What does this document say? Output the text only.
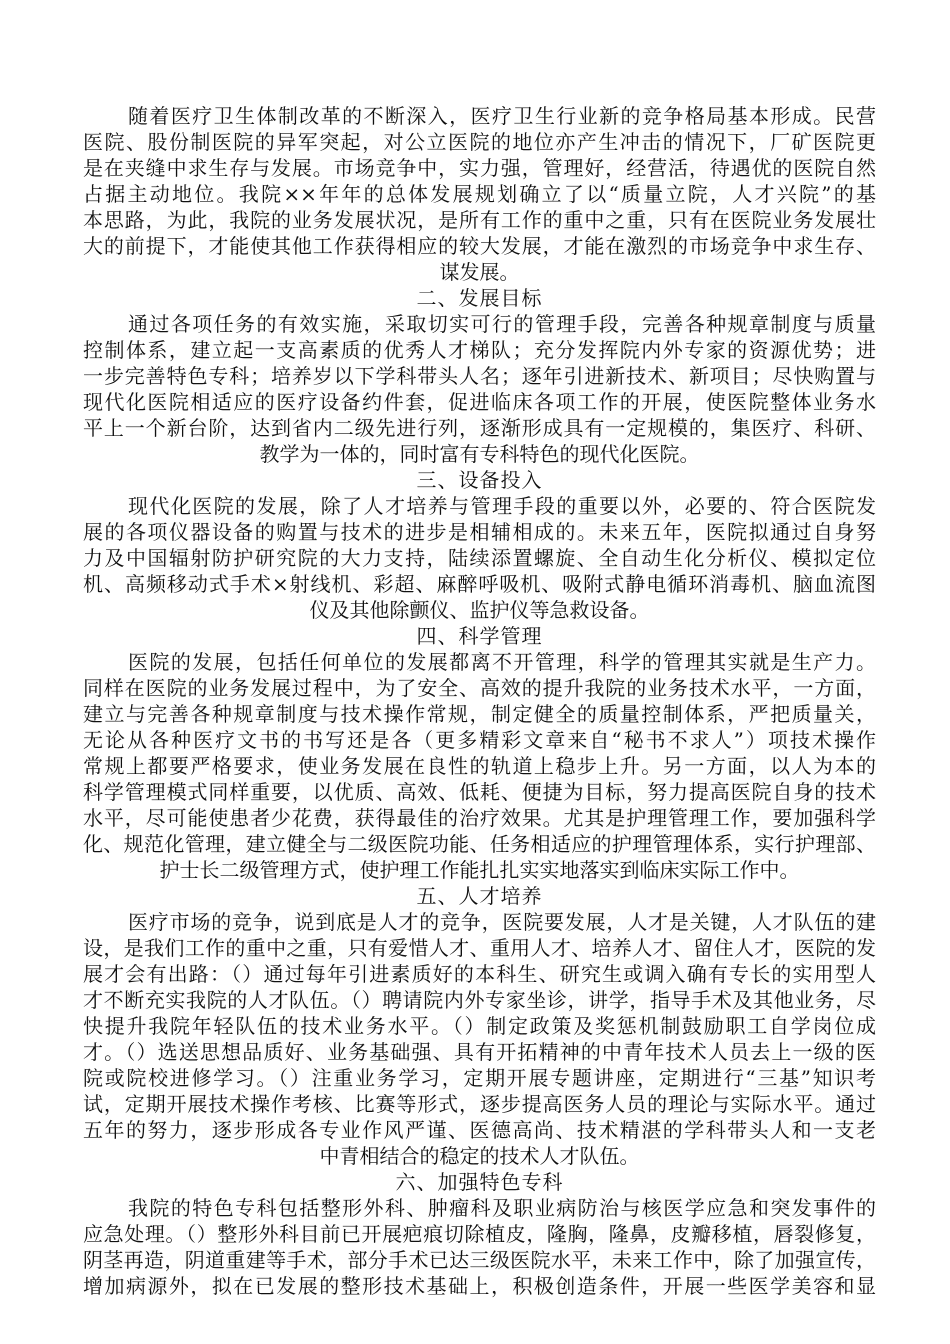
随着医疗卫生体制改革的不断深入，医疗卫生行业新的竞争格局基本形成。民营

医院、股份制医院的异军突起，对公立医院的地位亦产生冲击的情况下，厂矿医院更

是在夹缝中求生存与发展。市场竞争中，实力强，管理好，经营活，待遇优的医院自然

占据主动地位。我院××年年的总体发展规划确立了以“质量立院，人才兴院”的基

本思路，为此，我院的业务发展状况，是所有工作的重中之重，只有在医院业务发展壮

大的前提下，才能使其他工作获得相应的较大发展，才能在激烈的市场竞争中求生存、

谋发展。

二、发展目标

通过各项任务的有效实施，采取切实可行的管理手段，完善各种规章制度与质量

控制体系，建立起一支高素质的优秀人才梯队；充分发挥院内外专家的资源优势；进

一步完善特色专科；培养岁以下学科带头人名；逐年引进新技术、新项目；尽快购置与

现代化医院相适应的医疗设备约件套，促进临床各项工作的开展，使医院整体业务水

平上一个新台阶，达到省内二级先进行列，逐渐形成具有一定规模的，集医疗、科研、

教学为一体的，同时富有专科特色的现代化医院。

三、设备投入

现代化医院的发展，除了人才培养与管理手段的重要以外，必要的、符合医院发

展的各项仪器设备的购置与技术的进步是相辅相成的。未来五年，医院拟通过自身努

力及中国辐射防护研究院的大力支持，陆续添置螺旋、全自动生化分析仪、模拟定位

机、高频移动式手术×射线机、彩超、麻醉呼吸机、吸附式静电循环消毒机、脑血流图

仪及其他除颤仪、监护仪等急救设备。

四、科学管理

医院的发展，包括任何单位的发展都离不开管理，科学的管理其实就是生产力。

同样在医院的业务发展过程中，为了安全、高效的提升我院的业务技术水平，一方面，

建立与完善各种规章制度与技术操作常规，制定健全的质量控制体系，严把质量关，

无论从各种医疗文书的书写还是各（更多精彩文章来自“秘书不求人”）项技术操作

常规上都要严格要求，使业务发展在良性的轨道上稳步上升。另一方面，以人为本的

科学管理模式同样重要，以优质、高效、低耗、便捷为目标，努力提高医院自身的技术

水平，尽可能使患者少花费，获得最佳的治疗效果。尤其是护理管理工作，要加强科学

化、规范化管理，建立健全与二级医院功能、任务相适应的护理管理体系，实行护理部、

护士长二级管理方式，使护理工作能扎扎实实地落实到临床实际工作中。

五、人才培养

医疗市场的竞争，说到底是人才的竞争，医院要发展，人才是关键，人才队伍的建

设，是我们工作的重中之重，只有爱惜人才、重用人才、培养人才、留住人才，医院的发

展才会有出路：（）通过每年引进素质好的本科生、研究生或调入确有专长的实用型人

才不断充实我院的人才队伍。（）聘请院内外专家坐诊，讲学，指导手术及其他业务，尽

快提升我院年轻队伍的技术业务水平。（）制定政策及奖惩机制鼓励职工自学岗位成

才。（）选送思想品质好、业务基础强、具有开拓精神的中青年技术人员去上一级的医

院或院校进修学习。（）注重业务学习，定期开展专题讲座，定期进行“三基”知识考

试，定期开展技术操作考核、比赛等形式，逐步提高医务人员的理论与实际水平。通过

五年的努力，逐步形成各专业作风严谨、医德高尚、技术精湛的学科带头人和一支老

中青相结合的稳定的技术人才队伍。

六、加强特色专科

我院的特色专科包括整形外科、肿瘤科及职业病防治与核医学应急和突发事件的

应急处理。（）整形外科目前已开展疤痕切除植皮，隆胸，隆鼻，皮瓣移植，唇裂修复，

阴茎再造，阴道重建等手术，部分手术已达三级医院水平，未来工作中，除了加强宣传，

增加病源外，拟在已发展的整形技术基础上，积极创造条件，开展一些医学美容和显
